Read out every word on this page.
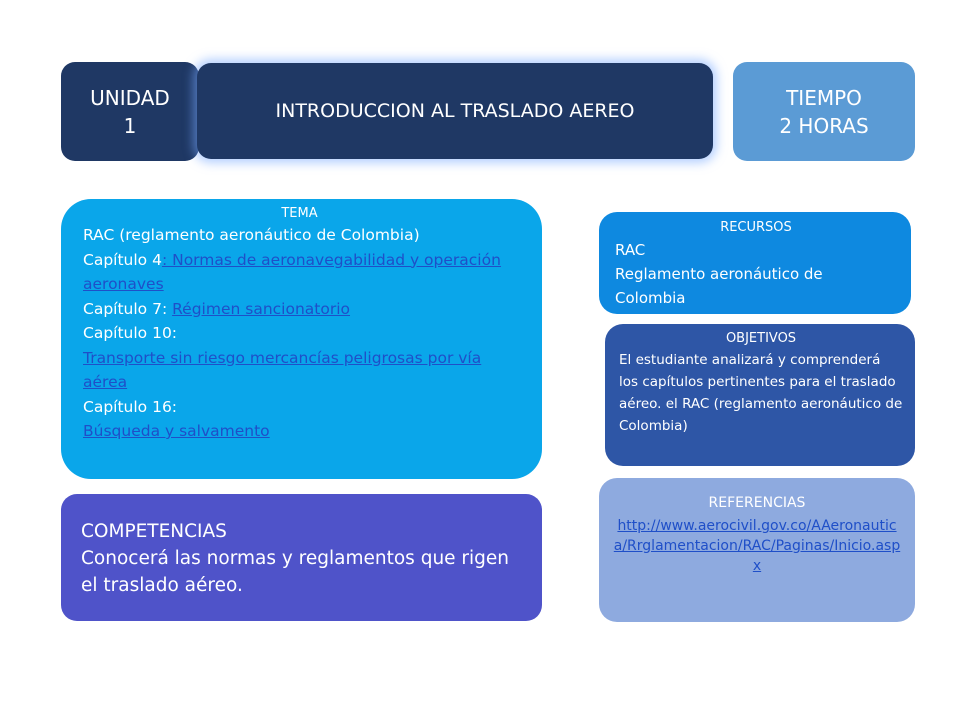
UNIDAD
1
INTRODUCCION AL TRASLADO AEREO
TIEMPO
2 HORAS
TEMA
RAC (reglamento aeronáutico de Colombia)
Capítulo 4: Normas de aeronavegabilidad y operación aeronaves
Capítulo 7: Régimen sancionatorio
Capítulo 10:
Transporte sin riesgo mercancías peligrosas por vía aérea
Capítulo 16:
Búsqueda y salvamento
COMPETENCIAS
Conocerá las normas y reglamentos que rigen el traslado aéreo.
RECURSOS
RAC
Reglamento aeronáutico de Colombia
OBJETIVOS
El estudiante analizará y comprenderá los capítulos pertinentes para el traslado aéreo. el RAC (reglamento aeronáutico de Colombia)
REFERENCIAS
http://www.aerocivil.gov.co/AAeronautica/Rrglamentacion/RAC/Paginas/Inicio.aspx
